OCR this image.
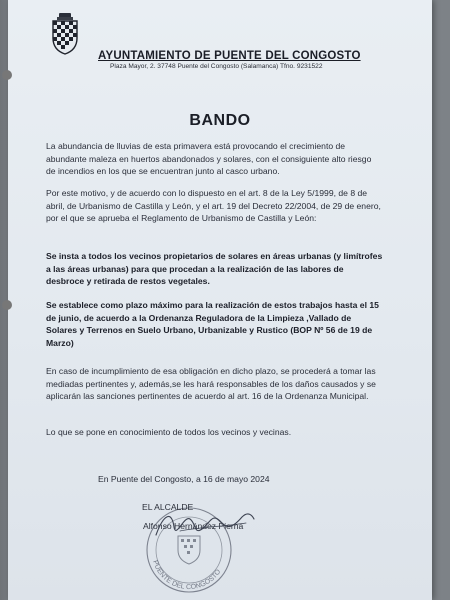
AYUNTAMIENTO DE PUENTE DEL CONGOSTO
Plaza Mayor, 2. 37748 Puente del Congosto (Salamanca) Tfno. 9231522
BANDO
La abundancia de lluvias de esta primavera está provocando el crecimiento de abundante maleza en huertos abandonados y solares, con el consiguiente alto riesgo de incendios en los que se encuentran junto al casco urbano.
Por este motivo, y de acuerdo con lo dispuesto en el art. 8 de la Ley 5/1999, de 8 de abril, de Urbanismo de Castilla y León, y el art. 19 del Decreto 22/2004, de 29 de enero, por el que se aprueba el Reglamento de Urbanismo de Castilla y León:
Se insta a todos los vecinos propietarios de solares en áreas urbanas (y limítrofes a las áreas urbanas) para que procedan a la realización de las labores de desbroce y retirada de restos vegetales.
Se establece como plazo máximo para la realización de estos trabajos hasta el 15 de junio, de acuerdo a la Ordenanza Reguladora de la Limpieza ,Vallado de Solares y Terrenos en Suelo Urbano, Urbanizable y Rustico (BOP Nº 56 de 19 de Marzo)
En caso de incumplimiento de esa obligación en dicho plazo, se procederá a tomar las mediadas pertinentes y, además,se les hará responsables de los daños causados y se aplicarán las sanciones pertinentes de acuerdo al art. 16 de la Ordenanza Municipal.
Lo que se pone en conocimiento de todos los vecinos y vecinas.
En Puente del Congosto, a 16 de mayo 2024
PUENTE DEL CONGOSTO
EL ALCALDE
Alfonso Hernández Pierna
